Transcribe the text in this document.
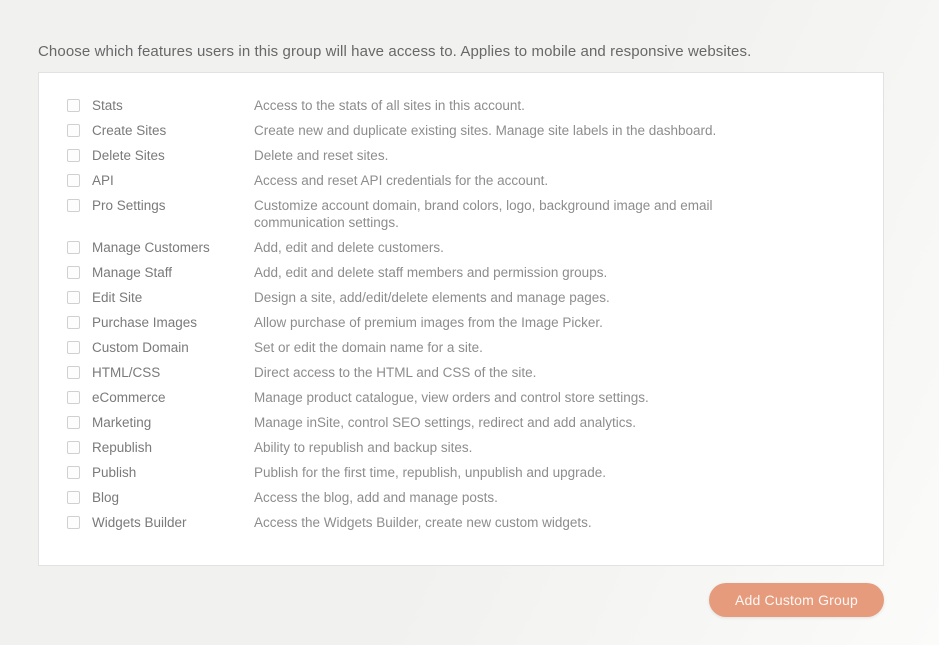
Choose which features users in this group will have access to. Applies to mobile and responsive websites.

Stats	Access to the stats of all sites in this account.
Create Sites	Create new and duplicate existing sites. Manage site labels in the dashboard.
Delete Sites	Delete and reset sites.
API	Access and reset API credentials for the account.
Pro Settings	Customize account domain, brand colors, logo, background image and email communication settings.
Manage Customers	Add, edit and delete customers.
Manage Staff	Add, edit and delete staff members and permission groups.
Edit Site	Design a site, add/edit/delete elements and manage pages.
Purchase Images	Allow purchase of premium images from the Image Picker.
Custom Domain	Set or edit the domain name for a site.
HTML/CSS	Direct access to the HTML and CSS of the site.
eCommerce	Manage product catalogue, view orders and control store settings.
Marketing	Manage inSite, control SEO settings, redirect and add analytics.
Republish	Ability to republish and backup sites.
Publish	Publish for the first time, republish, unpublish and upgrade.
Blog	Access the blog, add and manage posts.
Widgets Builder	Access the Widgets Builder, create new custom widgets.
Add Custom Group
